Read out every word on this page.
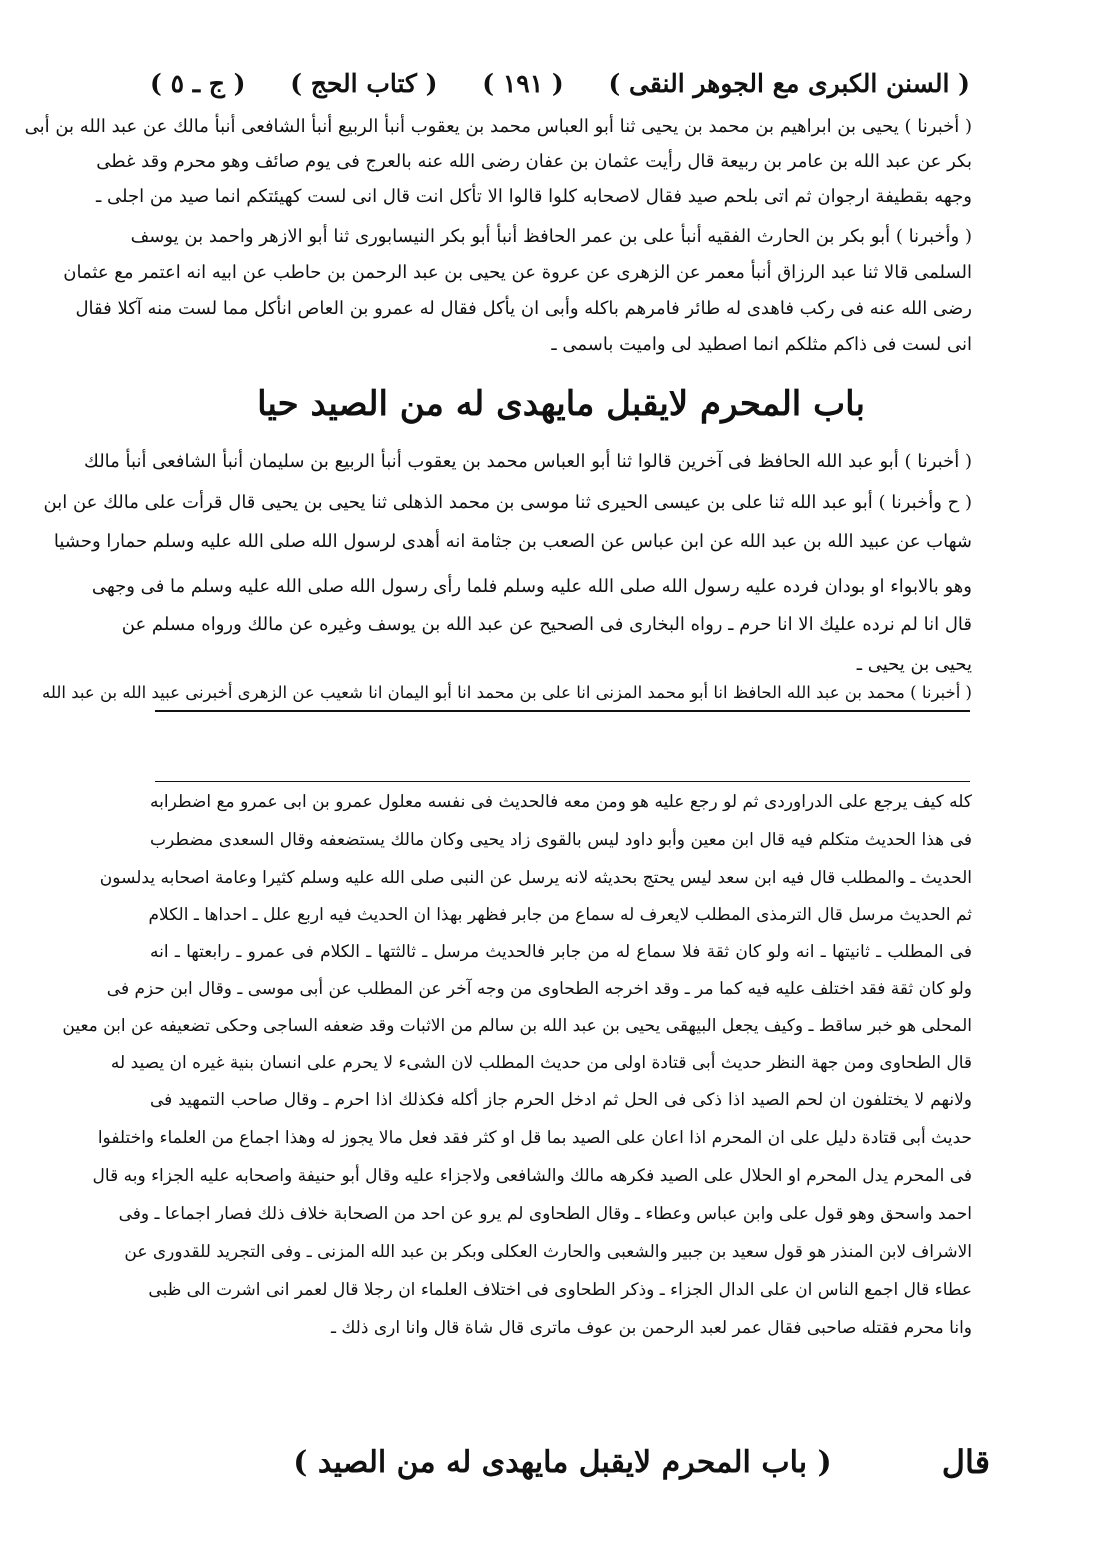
( السنن الكبرى مع الجوهر النقى )
( ١٩١ )
( كتاب الحج )
( ج ـ ٥ )
( أخبرنا ) يحيى بن ابراهيم بن محمد بن يحيى ثنا أبو العباس محمد بن يعقوب أنبأ الربيع أنبأ الشافعى أنبأ مالك عن عبد الله بن أبى
بكر عن عبد الله بن عامر بن ربيعة قال رأيت عثمان بن عفان رضى الله عنه بالعرج فى يوم صائف وهو محرم وقد غطى
وجهه بقطيفة ارجوان ثم اتى بلحم صيد فقال لاصحابه كلوا قالوا الا تأكل انت قال انى لست كهيئتكم انما صيد من اجلى ـ
( وأخبرنا ) أبو بكر بن الحارث الفقيه أنبأ على بن عمر الحافظ أنبأ أبو بكر النيسابورى ثنا أبو الازهر واحمد بن يوسف
السلمى قالا ثنا عبد الرزاق أنبأ معمر عن الزهرى عن عروة عن يحيى بن عبد الرحمن بن حاطب عن ابيه انه اعتمر مع عثمان
رضى الله عنه فى ركب فاهدى له طائر فامرهم باكله وأبى ان يأكل فقال له عمرو بن العاص انأكل مما لست منه آكلا فقال
انى لست فى ذاكم مثلكم انما اصطيد لى واميت باسمى ـ
باب المحرم لايقبل مايهدى له من الصيد حيا
( أخبرنا ) أبو عبد الله الحافظ فى آخرين قالوا ثنا أبو العباس محمد بن يعقوب أنبأ الربيع بن سليمان أنبأ الشافعى أنبأ مالك
( ح وأخبرنا ) أبو عبد الله ثنا على بن عيسى الحيرى ثنا موسى بن محمد الذهلى ثنا يحيى بن يحيى قال قرأت على مالك عن ابن
شهاب عن عبيد الله بن عبد الله عن ابن عباس عن الصعب بن جثامة انه أهدى لرسول الله صلى الله عليه وسلم حمارا وحشيا
وهو بالابواء او بودان فرده عليه رسول الله صلى الله عليه وسلم فلما رأى رسول الله صلى الله عليه وسلم ما فى وجهى
قال انا لم نرده عليك الا انا حرم ـ رواه البخارى فى الصحيح عن عبد الله بن يوسف وغيره عن مالك ورواه مسلم عن
يحيى بن يحيى ـ
( أخبرنا ) محمد بن عبد الله الحافظ انا أبو محمد المزنى انا على بن محمد انا أبو اليمان انا شعيب عن الزهرى أخبرنى عبيد الله بن عبد الله
كله كيف يرجع على الدراوردى ثم لو رجع عليه هو ومن معه فالحديث فى نفسه معلول عمرو بن ابى عمرو مع اضطرابه
فى هذا الحديث متكلم فيه قال ابن معين وأبو داود ليس بالقوى زاد يحيى وكان مالك يستضعفه وقال السعدى مضطرب
الحديث ـ والمطلب قال فيه ابن سعد ليس يحتج بحديثه لانه يرسل عن النبى صلى الله عليه وسلم كثيرا وعامة اصحابه يدلسون
ثم الحديث مرسل قال الترمذى المطلب لايعرف له سماع من جابر فظهر بهذا ان الحديث فيه اربع علل ـ احداها ـ الكلام
فى المطلب ـ ثانيتها ـ انه ولو كان ثقة فلا سماع له من جابر فالحديث مرسل ـ ثالثتها ـ الكلام فى عمرو ـ رابعتها ـ انه
ولو كان ثقة فقد اختلف عليه فيه كما مر ـ وقد اخرجه الطحاوى من وجه آخر عن المطلب عن أبى موسى ـ وقال ابن حزم فى
المحلى هو خبر ساقط ـ وكيف يجعل البيهقى يحيى بن عبد الله بن سالم من الاثبات وقد ضعفه الساجى وحكى تضعيفه عن ابن معين
قال الطحاوى ومن جهة النظر حديث أبى قتادة اولى من حديث المطلب لان الشىء لا يحرم على انسان بنية غيره ان يصيد له
ولانهم لا يختلفون ان لحم الصيد اذا ذكى فى الحل ثم ادخل الحرم جاز أكله فكذلك اذا احرم ـ وقال صاحب التمهيد فى
حديث أبى قتادة دليل على ان المحرم اذا اعان على الصيد بما قل او كثر فقد فعل مالا يجوز له وهذا اجماع من العلماء واختلفوا
فى المحرم يدل المحرم او الحلال على الصيد فكرهه مالك والشافعى ولاجزاء عليه وقال أبو حنيفة واصحابه عليه الجزاء وبه قال
احمد واسحق وهو قول على وابن عباس وعطاء ـ وقال الطحاوى لم يرو عن احد من الصحابة خلاف ذلك فصار اجماعا ـ وفى
الاشراف لابن المنذر هو قول سعيد بن جبير والشعبى والحارث العكلى وبكر بن عبد الله المزنى ـ وفى التجريد للقدورى عن
عطاء قال اجمع الناس ان على الدال الجزاء ـ وذكر الطحاوى فى اختلاف العلماء ان رجلا قال لعمر انى اشرت الى ظبى
وانا محرم فقتله صاحبى فقال عمر لعبد الرحمن بن عوف ماترى قال شاة قال وانا ارى ذلك ـ
قال
( باب المحرم لايقبل مايهدى له من الصيد )
